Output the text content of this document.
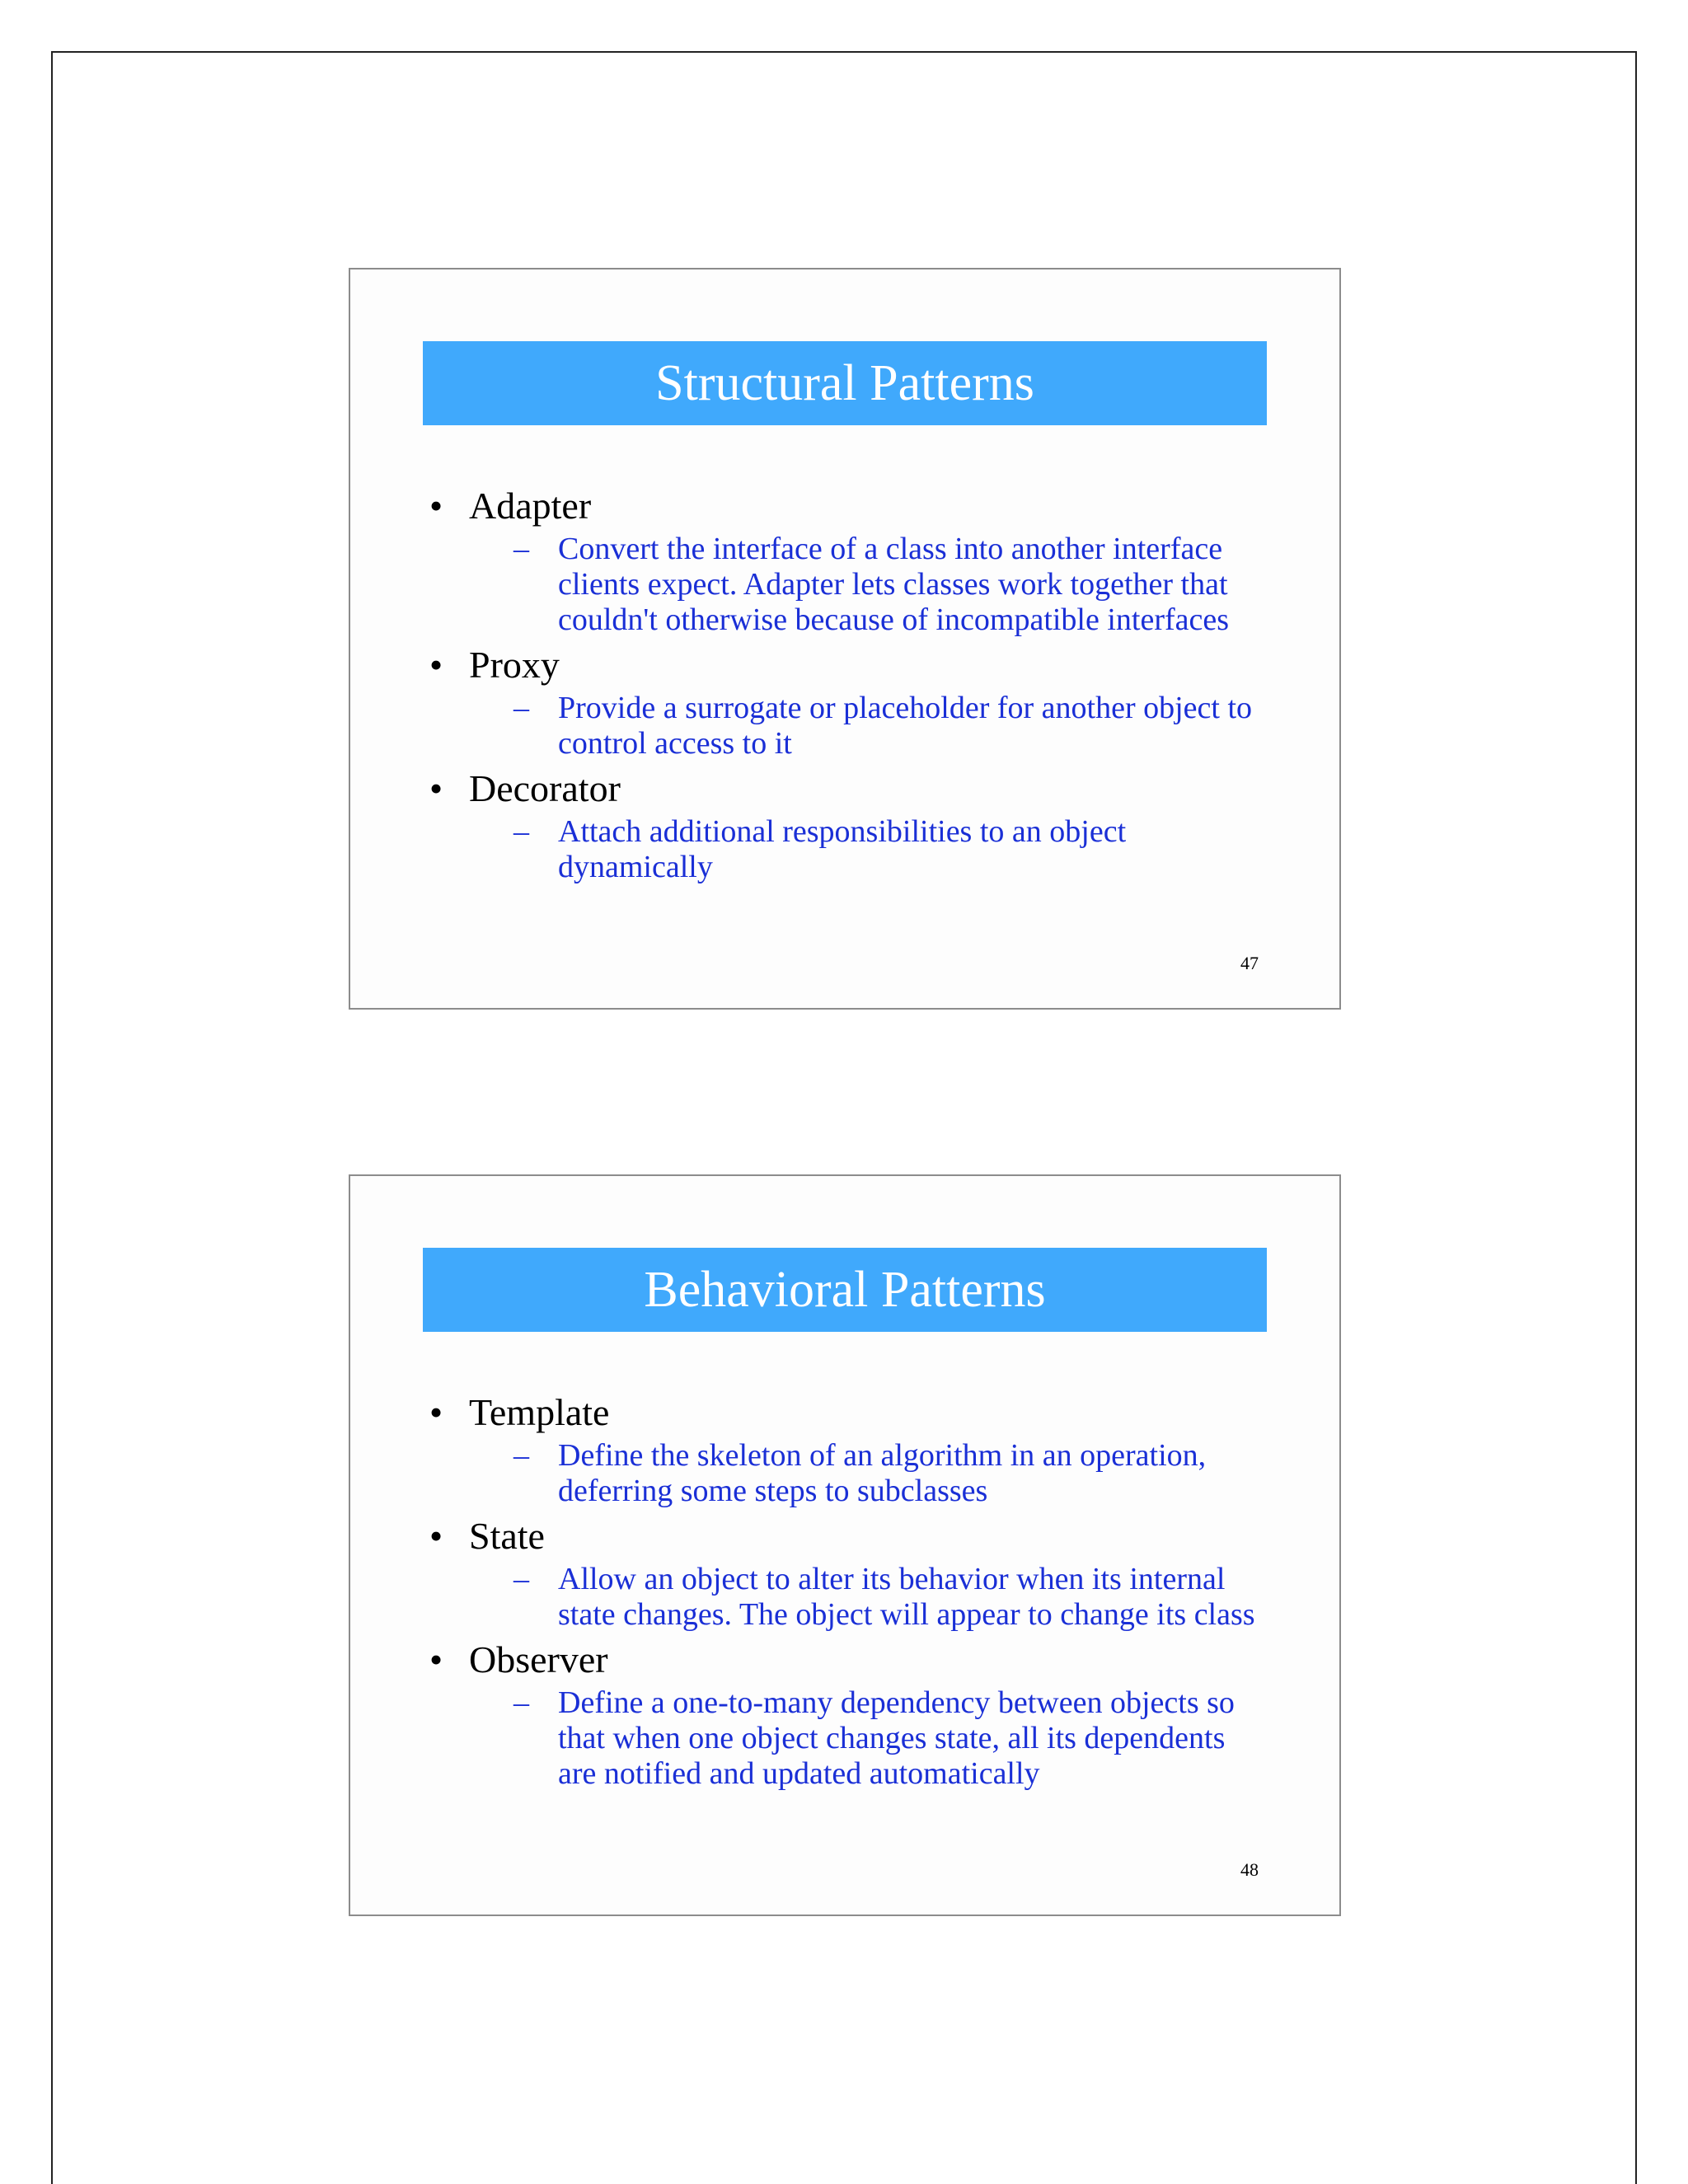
Structural Patterns
• Adapter
– Convert the interface of a class into another interface
clients expect. Adapter lets classes work together that
couldn't otherwise because of incompatible interfaces
• Proxy
– Provide a surrogate or placeholder for another object to
control access to it
• Decorator
– Attach additional responsibilities to an object
dynamically
47
Behavioral Patterns
• Template
– Define the skeleton of an algorithm in an operation,
deferring some steps to subclasses
• State
– Allow an object to alter its behavior when its internal
state changes. The object will appear to change its class
• Observer
– Define a one-to-many dependency between objects so
that when one object changes state, all its dependents
are notified and updated automatically
48
